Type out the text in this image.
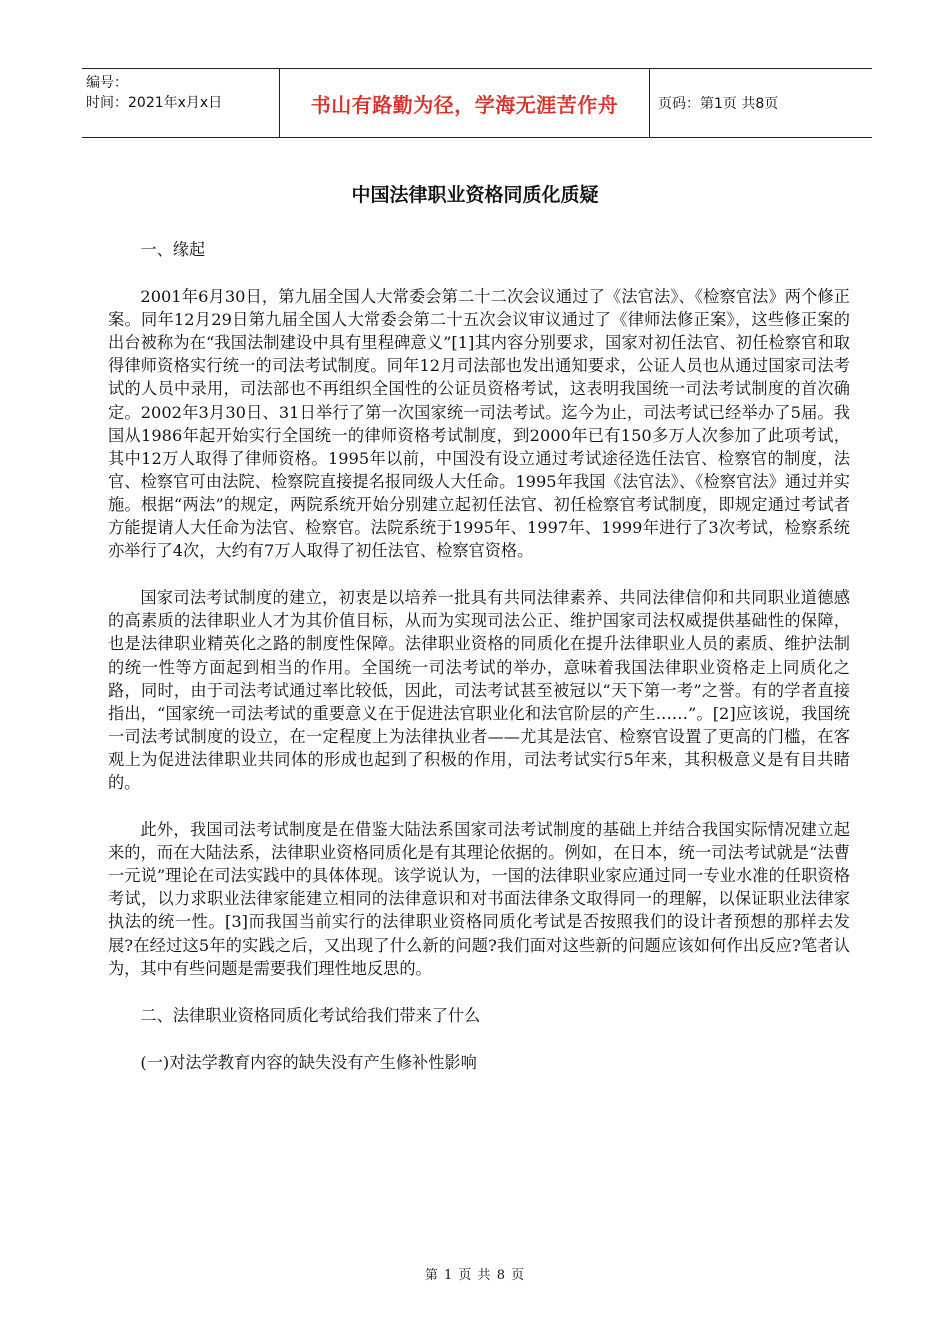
编号：
时间：2021年x月x日	书山有路勤为径，学海无涯苦作舟	页码：第1页 共8页
中国法律职业资格同质化质疑

一、缘起

2001年6月30日，第九届全国人大常委会第二十二次会议通过了《法官法》、《检察官法》两个修正案。同年12月29日第九届全国人大常委会第二十五次会议审议通过了《律师法修正案》，这些修正案的出台被称为在“我国法制建设中具有里程碑意义”[1]其内容分别要求，国家对初任法官、初任检察官和取得律师资格实行统一的司法考试制度。同年12月司法部也发出通知要求，公证人员也从通过国家司法考试的人员中录用，司法部也不再组织全国性的公证员资格考试，这表明我国统一司法考试制度的首次确定。2002年3月30日、31日举行了第一次国家统一司法考试。迄今为止，司法考试已经举办了5届。我国从1986年起开始实行全国统一的律师资格考试制度，到2000年已有150多万人次参加了此项考试，其中12万人取得了律师资格。1995年以前，中国没有设立通过考试途径选任法官、检察官的制度，法官、检察官可由法院、检察院直接提名报同级人大任命。1995年我国《法官法》、《检察官法》通过并实施。根据“两法”的规定，两院系统开始分别建立起初任法官、初任检察官考试制度，即规定通过考试者方能提请人大任命为法官、检察官。法院系统于1995年、1997年、1999年进行了3次考试，检察系统亦举行了4次，大约有7万人取得了初任法官、检察官资格。

国家司法考试制度的建立，初衷是以培养一批具有共同法律素养、共同法律信仰和共同职业道德感的高素质的法律职业人才为其价值目标，从而为实现司法公正、维护国家司法权威提供基础性的保障，也是法律职业精英化之路的制度性保障。法律职业资格的同质化在提升法律职业人员的素质、维护法制的统一性等方面起到相当的作用。全国统一司法考试的举办，意味着我国法律职业资格走上同质化之路，同时，由于司法考试通过率比较低，因此，司法考试甚至被冠以“天下第一考”之誉。有的学者直接指出，“国家统一司法考试的重要意义在于促进法官职业化和法官阶层的产生……”。[2]应该说，我国统一司法考试制度的设立，在一定程度上为法律执业者——尤其是法官、检察官设置了更高的门槛，在客观上为促进法律职业共同体的形成也起到了积极的作用，司法考试实行5年来，其积极意义是有目共睹的。

此外，我国司法考试制度是在借鉴大陆法系国家司法考试制度的基础上并结合我国实际情况建立起来的，而在大陆法系，法律职业资格同质化是有其理论依据的。例如，在日本，统一司法考试就是“法曹一元说”理论在司法实践中的具体体现。该学说认为，一国的法律职业家应通过同一专业水准的任职资格考试，以力求职业法律家能建立相同的法律意识和对书面法律条文取得同一的理解，以保证职业法律家执法的统一性。[3]而我国当前实行的法律职业资格同质化考试是否按照我们的设计者预想的那样去发展?在经过这5年的实践之后，又出现了什么新的问题?我们面对这些新的问题应该如何作出反应?笔者认为，其中有些问题是需要我们理性地反思的。

二、法律职业资格同质化考试给我们带来了什么

(一)对法学教育内容的缺失没有产生修补性影响

第 1 页 共 8 页
